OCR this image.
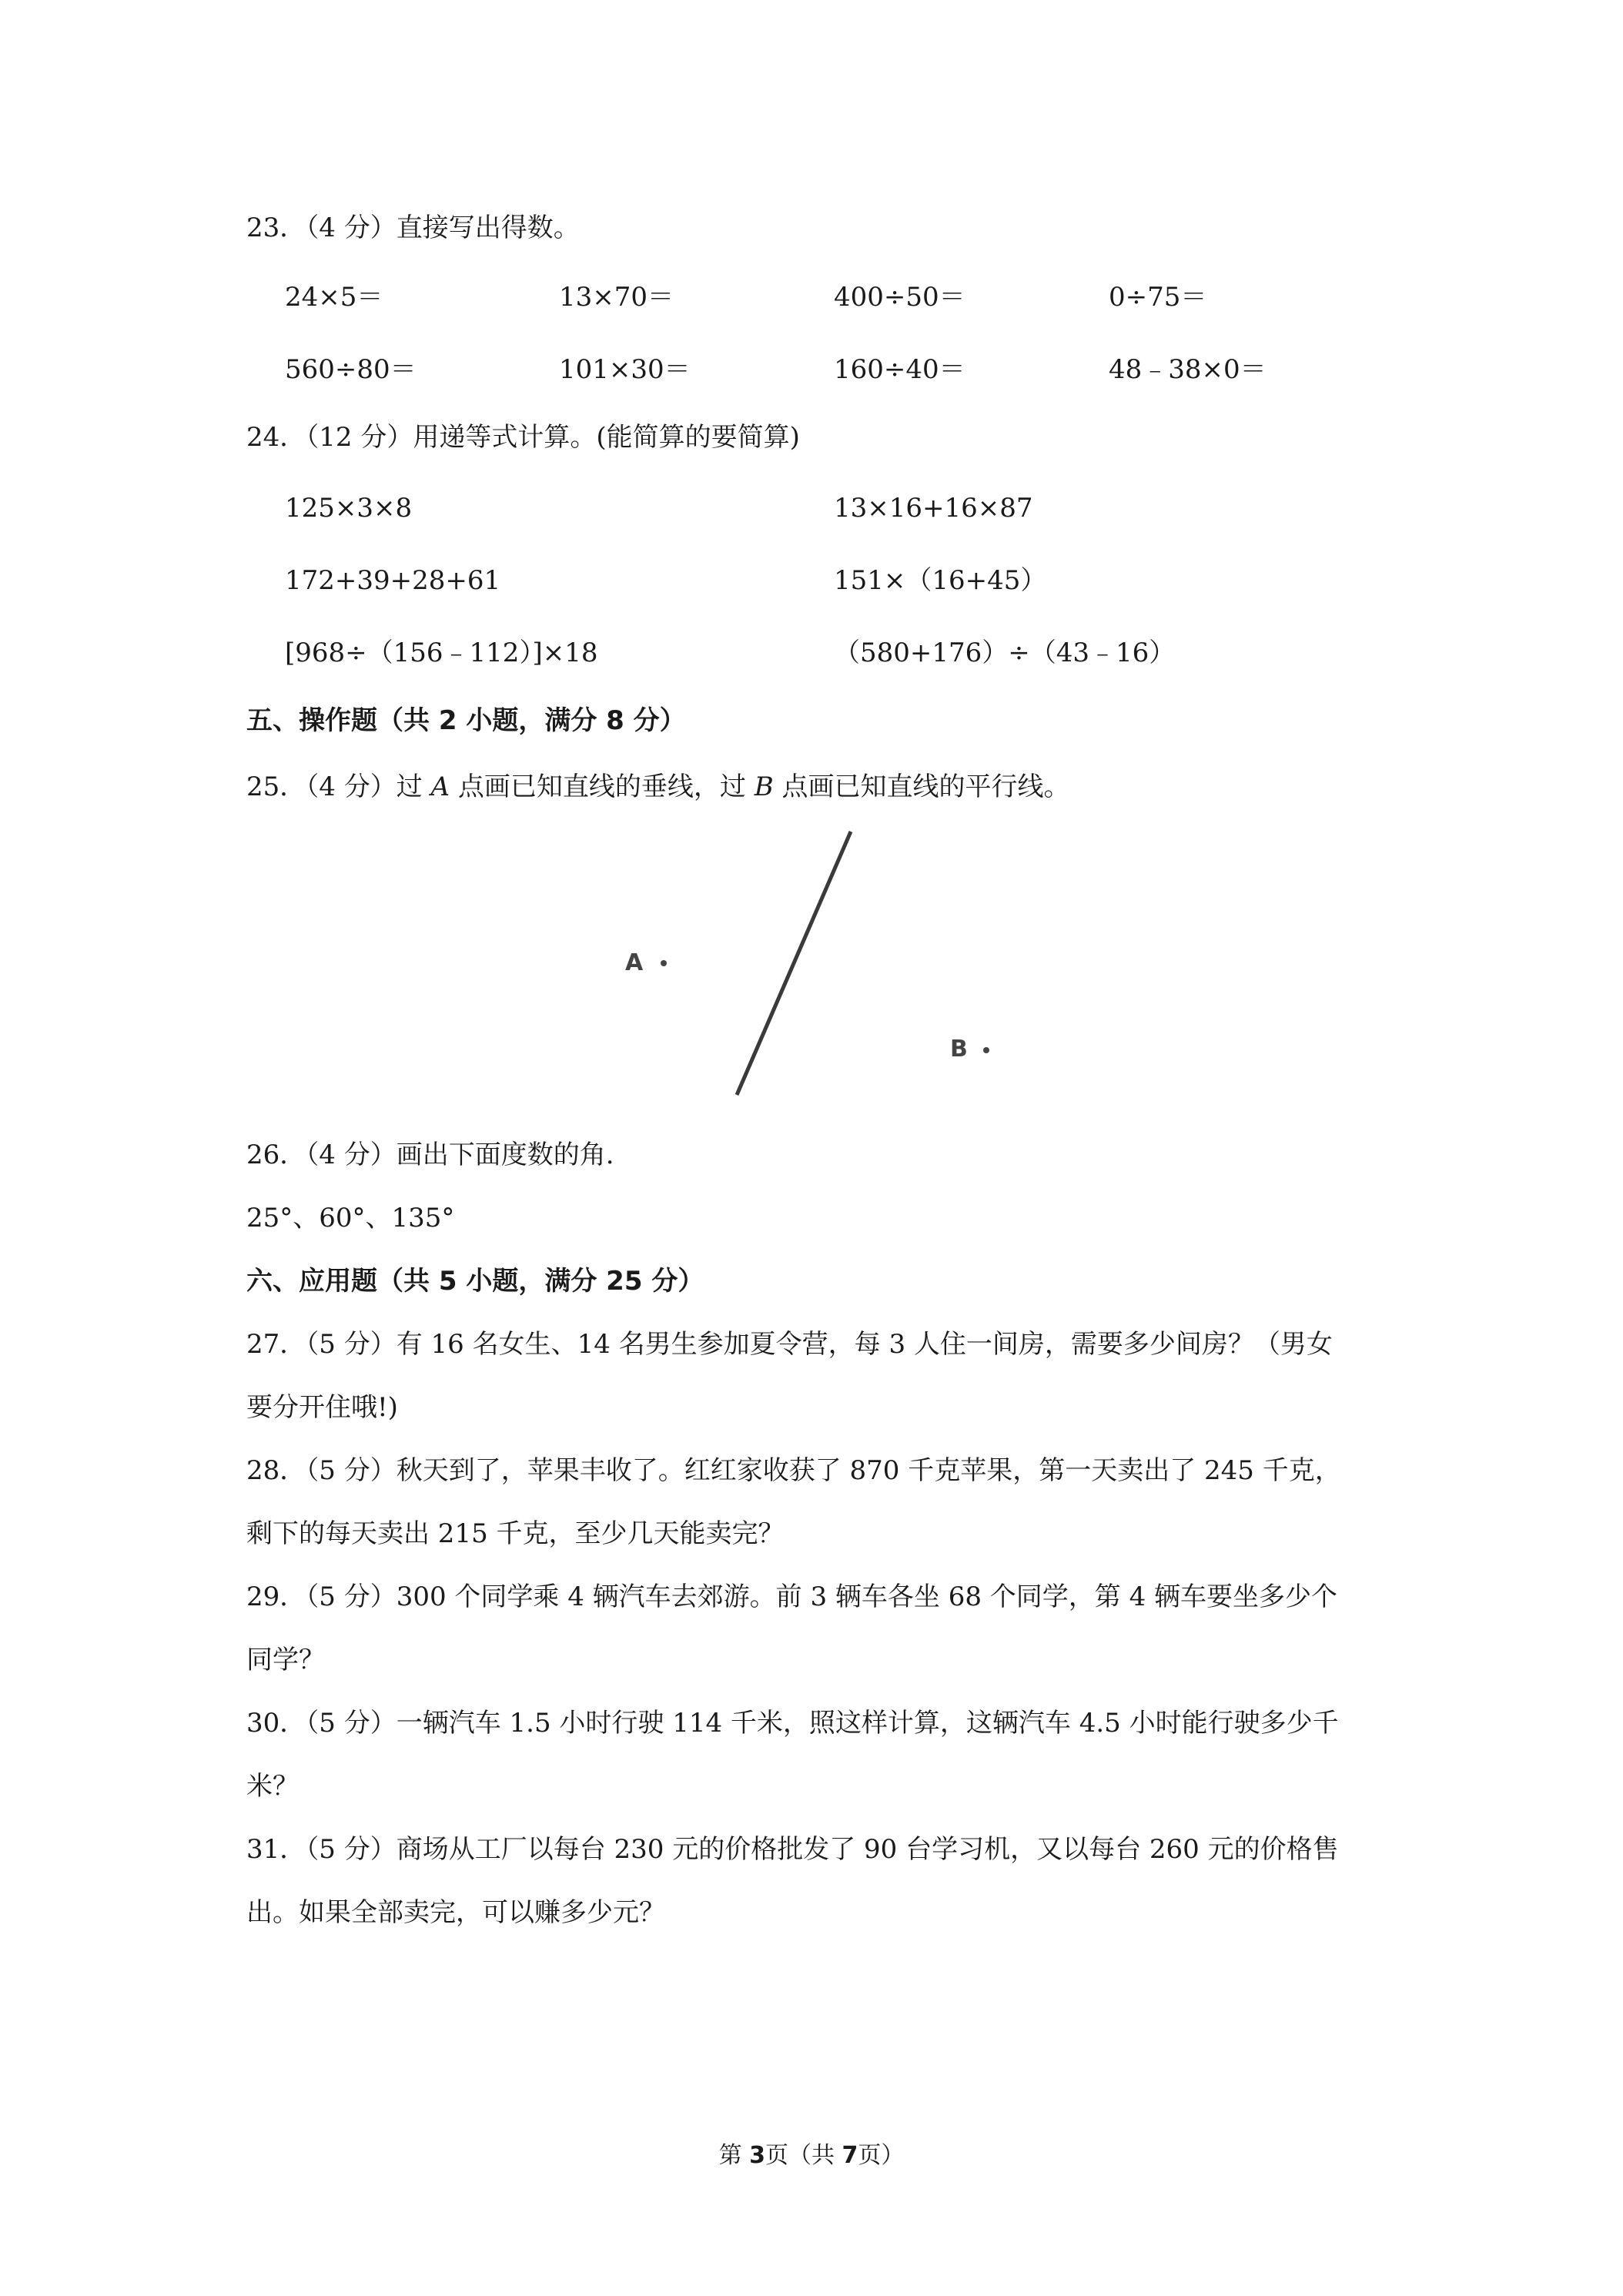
23．（4 分）直接写出得数。
24×5＝	13×70＝	400÷50＝	0÷75＝
560÷80＝	101×30＝	160÷40＝	48﹣38×0＝
24．（12 分）用递等式计算。(能简算的要简算)
125×3×8	13×16+16×87
172+39+28+61	151×（16+45）
[968÷（156﹣112）]×18	（580+176）÷（43﹣16）
五、操作题（共 2 小题，满分 8 分）
25．（4 分）过 A 点画已知直线的垂线，过 B 点画已知直线的平行线。
A
B
26．（4 分）画出下面度数的角.
25°、60°、135°
六、应用题（共 5 小题，满分 25 分）
27．（5 分）有 16 名女生、14 名男生参加夏令营，每 3 人住一间房，需要多少间房？（男女
要分开住哦!)
28．（5 分）秋天到了，苹果丰收了。红红家收获了 870 千克苹果，第一天卖出了 245 千克，
剩下的每天卖出 215 千克，至少几天能卖完？
29．（5 分）300 个同学乘 4 辆汽车去郊游。前 3 辆车各坐 68 个同学，第 4 辆车要坐多少个
同学？
30．（5 分）一辆汽车 1.5 小时行驶 114 千米，照这样计算，这辆汽车 4.5 小时能行驶多少千
米？
31．（5 分）商场从工厂以每台 230 元的价格批发了 90 台学习机，又以每台 260 元的价格售
出。如果全部卖完，可以赚多少元？
第 3页（共 7页）
